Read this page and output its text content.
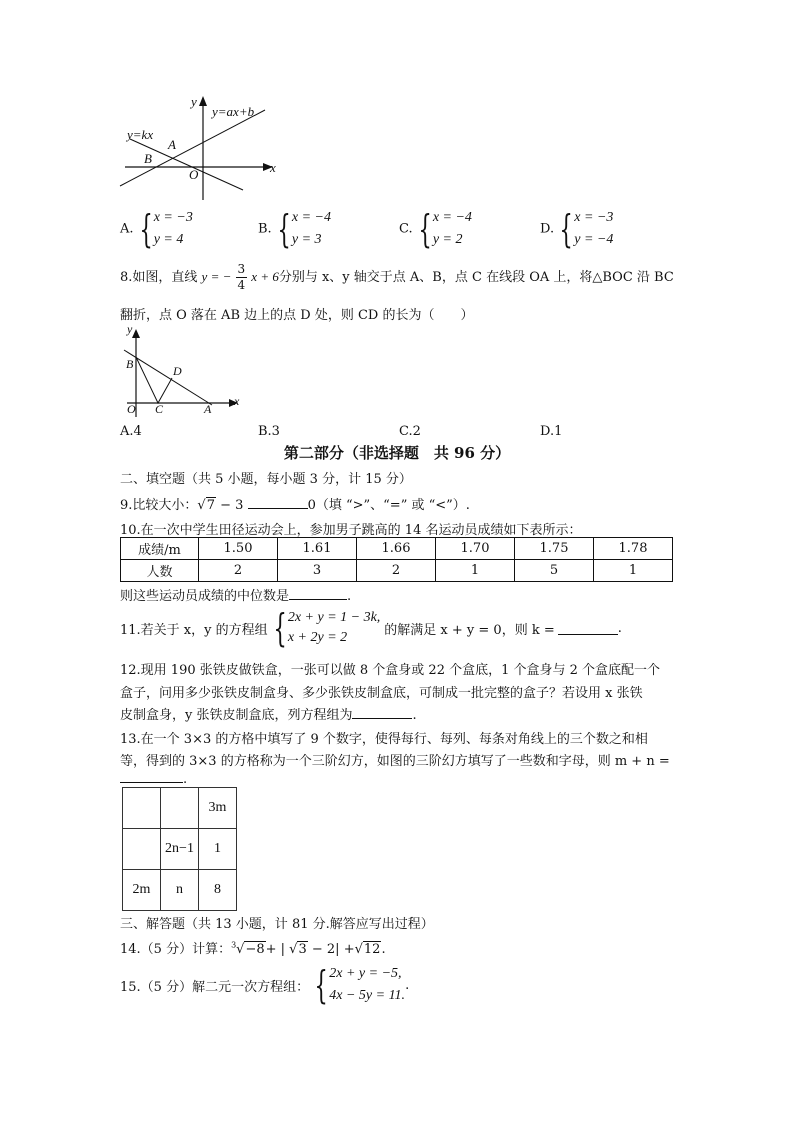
y
y=ax+b
y=kx
A
B
O	x
A. { x = −3
y = 4
B. { x = −4
y = 3
C. { x = −4
y = 2
D. { x = −3
y = −4
8.如图，直线 y = − $\frac{3}{4}$ x + 6分别与 x、y 轴交于点 A、B，点 C 在线段 OA 上，将△BOC 沿 BC
翻折，点 O 落在 AB 边上的点 D 处，则 CD 的长为（　　）
y
B	D
O C	A
x
A.4	B.3	C.2	D.1
第二部分（非选择题　共 96 分）
二、填空题（共 5 小题，每小题 3 分，计 15 分）
9.比较大小：√7 − 3	0（填 “>”、“=” 或 “<”）.
10.在一次中学生田径运动会上，参加男子跳高的 14 名运动员成绩如下表所示：
成绩/m	1.50	1.61	1.66	1.70	1.75	1.78
人数	2	3	2	1	5	1
则这些运动员成绩的中位数是	.
11.若关于 x，y 的方程组 { 2x + y = 1 − 3k,
x + 2y = 2	的解满足 x + y = 0，则 k =	.
12.现用 190 张铁皮做铁盒，一张可以做 8 个盒身或 22 个盒底，1 个盒身与 2 个盒底配一个
盒子，问用多少张铁皮制盒身、多少张铁皮制盒底，可制成一批完整的盒子？若设用 x 张铁
皮制盒身，y 张铁皮制盒底，列方程组为	.
13.在一个 3×3 的方格中填写了 9 个数字，使得每行、每列、每条对角线上的三个数之和相
等，得到的 3×3 的方格称为一个三阶幻方，如图的三阶幻方填写了一些数和字母，则 m + n =
.
		3m
	2n−1	1
2m	n	8
三、解答题（共 13 小题，计 81 分.解答应写出过程）
14.（5 分）计算：$^3$√−8+ | √3 − 2| +√12.
15.（5 分）解二元一次方程组： { 2x + y = −5,
4x − 5y = 11.
.
